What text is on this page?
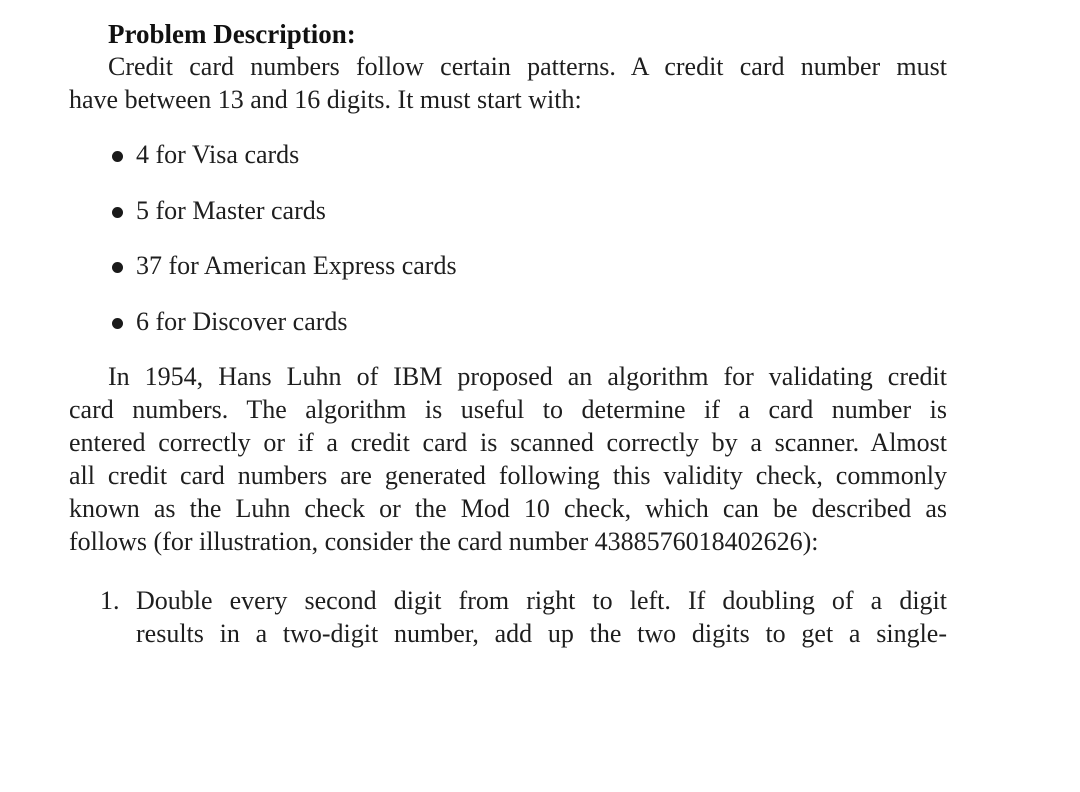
Problem Description:
Credit card numbers follow certain patterns. A credit card number must
have between 13 and 16 digits. It must start with:
4 for Visa cards
5 for Master cards
37 for American Express cards
6 for Discover cards
In 1954, Hans Luhn of IBM proposed an algorithm for validating credit
card numbers. The algorithm is useful to determine if a card number is
entered correctly or if a credit card is scanned correctly by a scanner. Almost
all credit card numbers are generated following this validity check, commonly
known as the Luhn check or the Mod 10 check, which can be described as
follows (for illustration, consider the card number 4388576018402626):
1. Double every second digit from right to left. If doubling of a digit
results in a two-digit number, add up the two digits to get a single-
